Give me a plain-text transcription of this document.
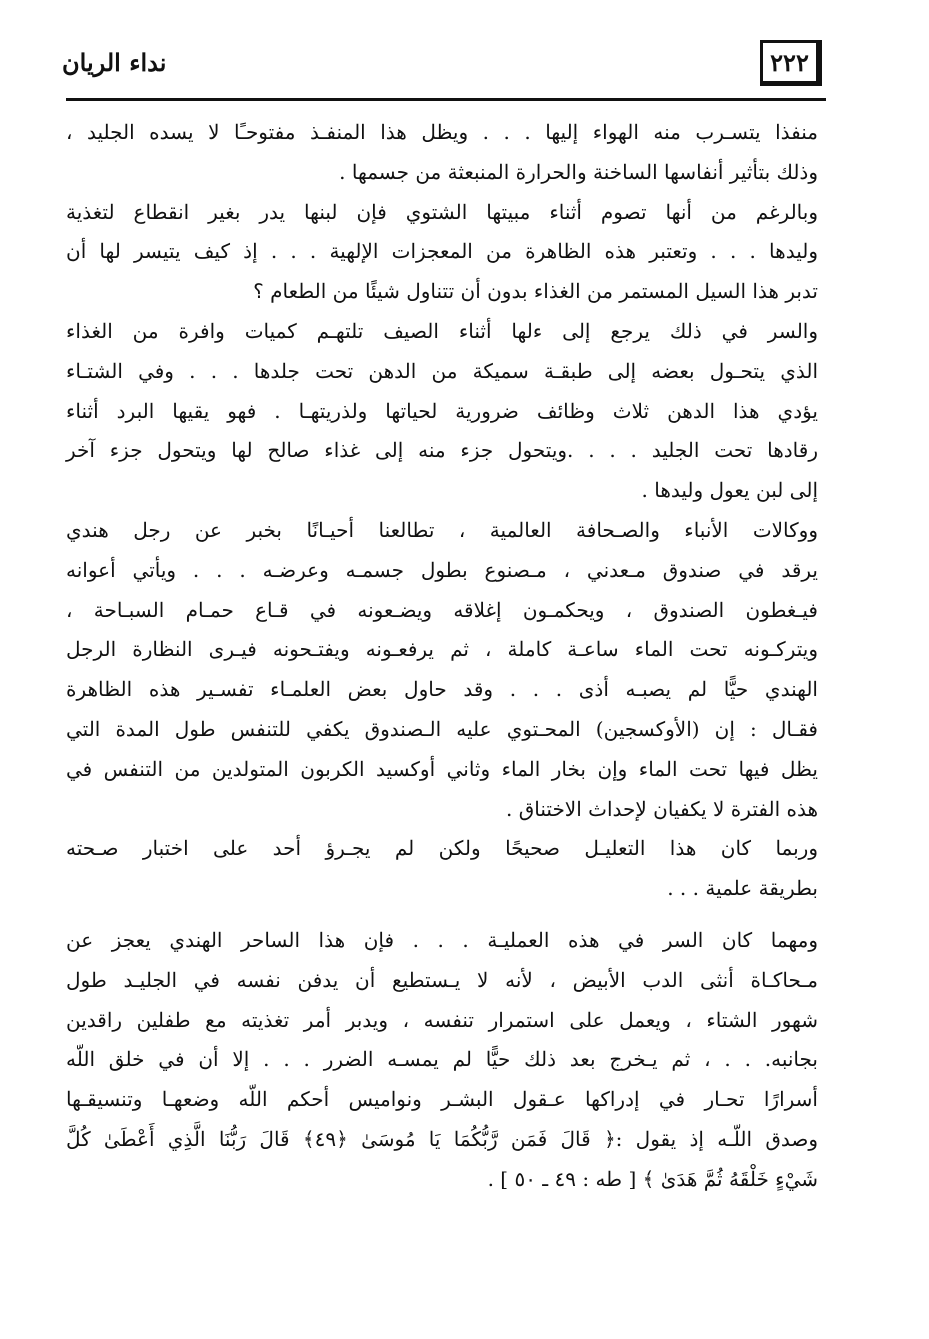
نداء الريان	٢٢٢
منفذا يتسـرب منه الهواء إليها . . . ويظل هذا المنفـذ مفتوحـًا لا يسده الجليد ،
وذلك بتأثير أنفاسها الساخنة والحرارة المنبعثة من جسمها .
وبالرغم من أنها تصوم أثناء مبيتها الشتوي فإن لبنها يدر بغير انقطاع لتغذية
وليدها . . . وتعتبر هذه الظاهرة من المعجزات الإلهية . . . إذ كيف يتيسر لها أن
تدبر هذا السيل المستمر من الغذاء بدون أن تتناول شيئًا من الطعام ؟
والسر في ذلك يرجع إلى ءلها أثناء الصيف تلتهـم كميات وافرة من الغذاء
الذي يتحـول بعضه إلى طبقـة سميكة من الدهن تحت جلدها . . . وفي الشتـاء
يؤدي هذا الدهن ثلاث وظائف ضرورية لحياتها ولذريتهـا . فهو يقيها البرد أثناء
رقادها تحت الجليد . . . .ويتحول جزء منه إلى غذاء صالح لها ويتحول جزء آخر
إلى لبن يعول وليدها .
ووكالات الأنباء والصـحافة العالمية ، تطالعنا أحيـانًا بخبر عن رجل هندي
يرقد في صندوق مـعدني ، مـصنوع بطول جسمـه وعرضـه . . . ويأتي أعوانه
فيـغطون الصندوق ، ويحكمـون إغلاقه ويضـعونه في قـاع حمـام السبـاحة ،
ويتركـونه تحت الماء ساعـة كاملة ، ثم يرفعـونه ويفتـحونه فيـرى النظارة الرجل
الهندي حيًّا لم يصبـه أذى . . . وقد حاول بعض العلمـاء تفسـير هذه الظاهرة
فقـال : إن (الأوكسجين) المحـتوي عليه الـصندوق يكفي للتنفس طول المدة التي
يظل فيها تحت الماء وإن بخار الماء وثاني أوكسيد الكربون المتولدين من التنفس في
هذه الفترة لا يكفيان لإحداث الاختناق .
وربما كان هذا التعليـل صحيحًا ولكن لم يجـرؤ أحد على اختبار صـحته
بطريقة علمية . . .
ومهما كان السر في هذه العمليـة . . . فإن هذا الساحر الهندي يعجز عن
مـحاكـاة أنثى الدب الأبيض ، لأنه لا يـستطيع أن يدفن نفسه في الجليـد طول
شهور الشتاء ، ويعمل على استمرار تنفسه ، ويدبر أمر تغذيته مع طفلين راقدين
بجانبه. . . ، ثم يـخرج بعد ذلك حيًّا لم يمسـه الضرر . . . إلا أن في خلق اللّه
أسرارًا تحـار في إدراكها عـقول البشـر ونواميس أحكم اللّه وضعهـا وتنسيقـها
وصدق اللّـه إذ يقول :﴿ قَالَ فَمَن رَّبُّكُمَا يَا مُوسَىٰ ﴿٤٩﴾ قَالَ رَبُّنَا الَّذِي أَعْطَىٰ كُلَّ
شَيْءٍ خَلْقَهُ ثُمَّ هَدَىٰ ﴾ [ طه : ٤٩ ـ ٥٠ ] .
